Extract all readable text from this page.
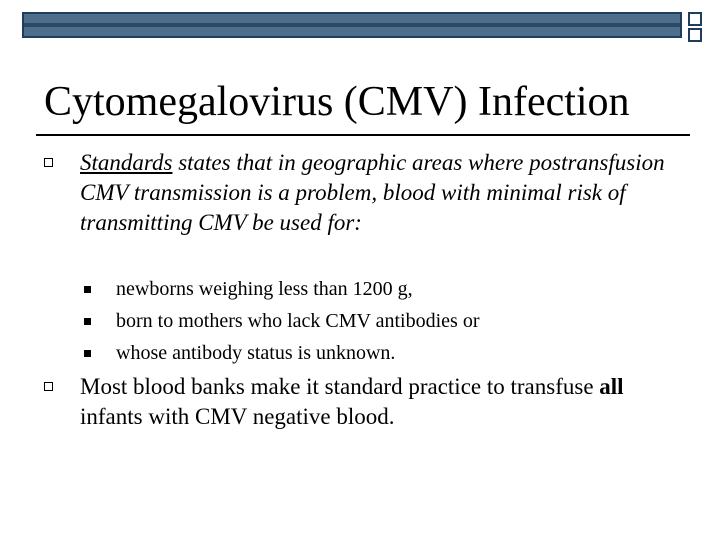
Cytomegalovirus (CMV) Infection
Standards states that in geographic areas where postransfusion CMV transmission is a problem, blood with minimal risk of transmitting CMV be used for:
newborns weighing less than 1200 g,
born to mothers who lack CMV antibodies or
whose antibody status is unknown.
Most blood banks make it standard practice to transfuse all infants with CMV negative blood.
